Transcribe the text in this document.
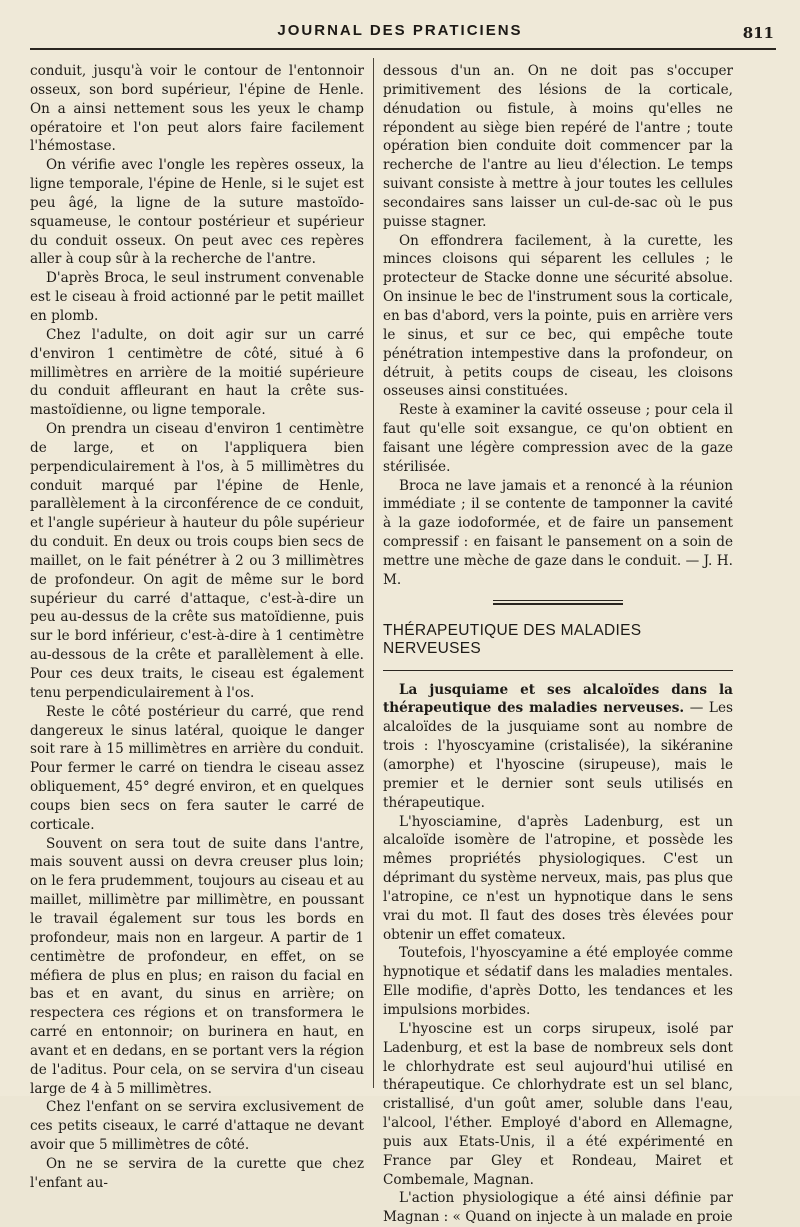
JOURNAL DES PRATICIENS	811

conduit, jusqu'à voir le contour de l'entonnoir osseux, son bord supérieur, l'épine de Henle. On a ainsi nettement sous les yeux le champ opératoire et l'on peut alors faire facilement l'hémostase.

On vérifie avec l'ongle les repères osseux, la ligne temporale, l'épine de Henle, si le sujet est peu âgé, la ligne de la suture mastoïdo-squameuse, le contour postérieur et supérieur du conduit osseux. On peut avec ces repères aller à coup sûr à la recherche de l'antre.

D'après Broca, le seul instrument convenable est le ciseau à froid actionné par le petit maillet en plomb.

Chez l'adulte, on doit agir sur un carré d'environ 1 centimètre de côté, situé à 6 millimètres en arrière de la moitié supérieure du conduit affleurant en haut la crête sus-mastoïdienne, ou ligne temporale.

On prendra un ciseau d'environ 1 centimètre de large, et on l'appliquera bien perpendiculairement à l'os, à 5 millimètres du conduit marqué par l'épine de Henle, parallèlement à la circonférence de ce conduit, et l'angle supérieur à hauteur du pôle supérieur du conduit. En deux ou trois coups bien secs de maillet, on le fait pénétrer à 2 ou 3 millimètres de profondeur. On agit de même sur le bord supérieur du carré d'attaque, c'est-à-dire un peu au-dessus de la crête sus matoïdienne, puis sur le bord inférieur, c'est-à-dire à 1 centimètre au-dessous de la crête et parallèlement à elle. Pour ces deux traits, le ciseau est également tenu perpendiculairement à l'os.

Reste le côté postérieur du carré, que rend dangereux le sinus latéral, quoique le danger soit rare à 15 millimètres en arrière du conduit. Pour fermer le carré on tiendra le ciseau assez obliquement, 45° degré environ, et en quelques coups bien secs on fera sauter le carré de corticale.

Souvent on sera tout de suite dans l'antre, mais souvent aussi on devra creuser plus loin; on le fera prudemment, toujours au ciseau et au maillet, millimètre par millimètre, en poussant le travail également sur tous les bords en profondeur, mais non en largeur. A partir de 1 centimètre de profondeur, en effet, on se méfiera de plus en plus; en raison du facial en bas et en avant, du sinus en arrière; on respectera ces régions et on transformera le carré en entonnoir; on burinera en haut, en avant et en dedans, en se portant vers la région de l'aditus. Pour cela, on se servira d'un ciseau large de 4 à 5 millimètres.

Chez l'enfant on se servira exclusivement de ces petits ciseaux, le carré d'attaque ne devant avoir que 5 millimètres de côté.

On ne se servira de la curette que chez l'enfant au-

dessous d'un an. On ne doit pas s'occuper primitivement des lésions de la corticale, dénudation ou fistule, à moins qu'elles ne répondent au siège bien repéré de l'antre ; toute opération bien conduite doit commencer par la recherche de l'antre au lieu d'élection. Le temps suivant consiste à mettre à jour toutes les cellules secondaires sans laisser un cul-de-sac où le pus puisse stagner.

On effondrera facilement, à la curette, les minces cloisons qui séparent les cellules ; le protecteur de Stacke donne une sécurité absolue. On insinue le bec de l'instrument sous la corticale, en bas d'abord, vers la pointe, puis en arrière vers le sinus, et sur ce bec, qui empêche toute pénétration intempestive dans la profondeur, on détruit, à petits coups de ciseau, les cloisons osseuses ainsi constituées.

Reste à examiner la cavité osseuse ; pour cela il faut qu'elle soit exsangue, ce qu'on obtient en faisant une légère compression avec de la gaze stérilisée.

Broca ne lave jamais et a renoncé à la réunion immédiate ; il se contente de tamponner la cavité à la gaze iodoformée, et de faire un pansement compressif : en faisant le pansement on a soin de mettre une mèche de gaze dans le conduit. — J. H. M.

THÉRAPEUTIQUE DES MALADIES NERVEUSES

La jusquiame et ses alcaloïdes dans la thérapeutique des maladies nerveuses. — Les alcaloïdes de la jusquiame sont au nombre de trois : l'hyoscyamine (cristalisée), la sikéranine (amorphe) et l'hyoscine (sirupeuse), mais le premier et le dernier sont seuls utilisés en thérapeutique.

L'hyosciamine, d'après Ladenburg, est un alcaloïde isomère de l'atropine, et possède les mêmes propriétés physiologiques. C'est un déprimant du système nerveux, mais, pas plus que l'atropine, ce n'est un hypnotique dans le sens vrai du mot. Il faut des doses très élevées pour obtenir un effet comateux.

Toutefois, l'hyoscyamine a été employée comme hypnotique et sédatif dans les maladies mentales. Elle modifie, d'après Dotto, les tendances et les impulsions morbides.

L'hyoscine est un corps sirupeux, isolé par Ladenburg, et est la base de nombreux sels dont le chlorhydrate est seul aujourd'hui utilisé en thérapeutique. Ce chlorhydrate est un sel blanc, cristallisé, d'un goût amer, soluble dans l'eau, l'alcool, l'éther. Employé d'abord en Allemagne, puis aux Etats-Unis, il a été expérimenté en France par Gley et Rondeau, Mairet et Combemale, Magnan.

L'action physiologique a été ainsi définie par Magnan : « Quand on injecte à un malade en proie
